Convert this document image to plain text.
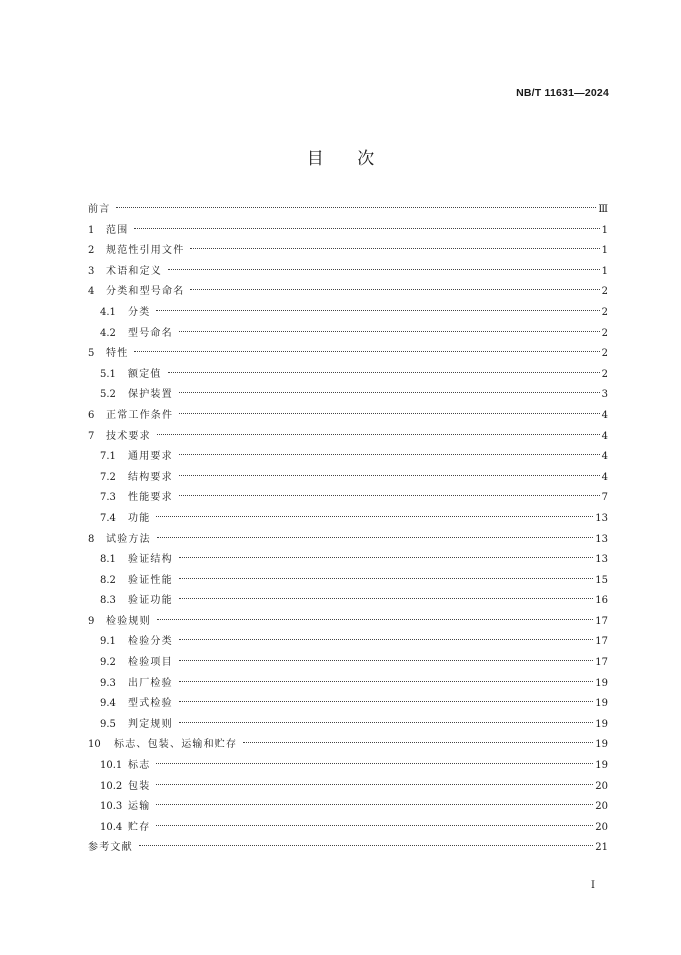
NB/T 11631—2024
目 次
前言	Ⅲ
1	范围	1
2	规范性引用文件	1
3	术语和定义	1
4	分类和型号命名	2
4.1	分类	2
4.2	型号命名	2
5	特性	2
5.1	额定值	2
5.2	保护装置	3
6	正常工作条件	4
7	技术要求	4
7.1	通用要求	4
7.2	结构要求	4
7.3	性能要求	7
7.4	功能	13
8	试验方法	13
8.1	验证结构	13
8.2	验证性能	15
8.3	验证功能	16
9	检验规则	17
9.1	检验分类	17
9.2	检验项目	17
9.3	出厂检验	19
9.4	型式检验	19
9.5	判定规则	19
10	标志、包装、运输和贮存	19
10.1 标志	19
10.2 包装	20
10.3 运输	20
10.4 贮存	20
参考文献	21
Ⅰ
